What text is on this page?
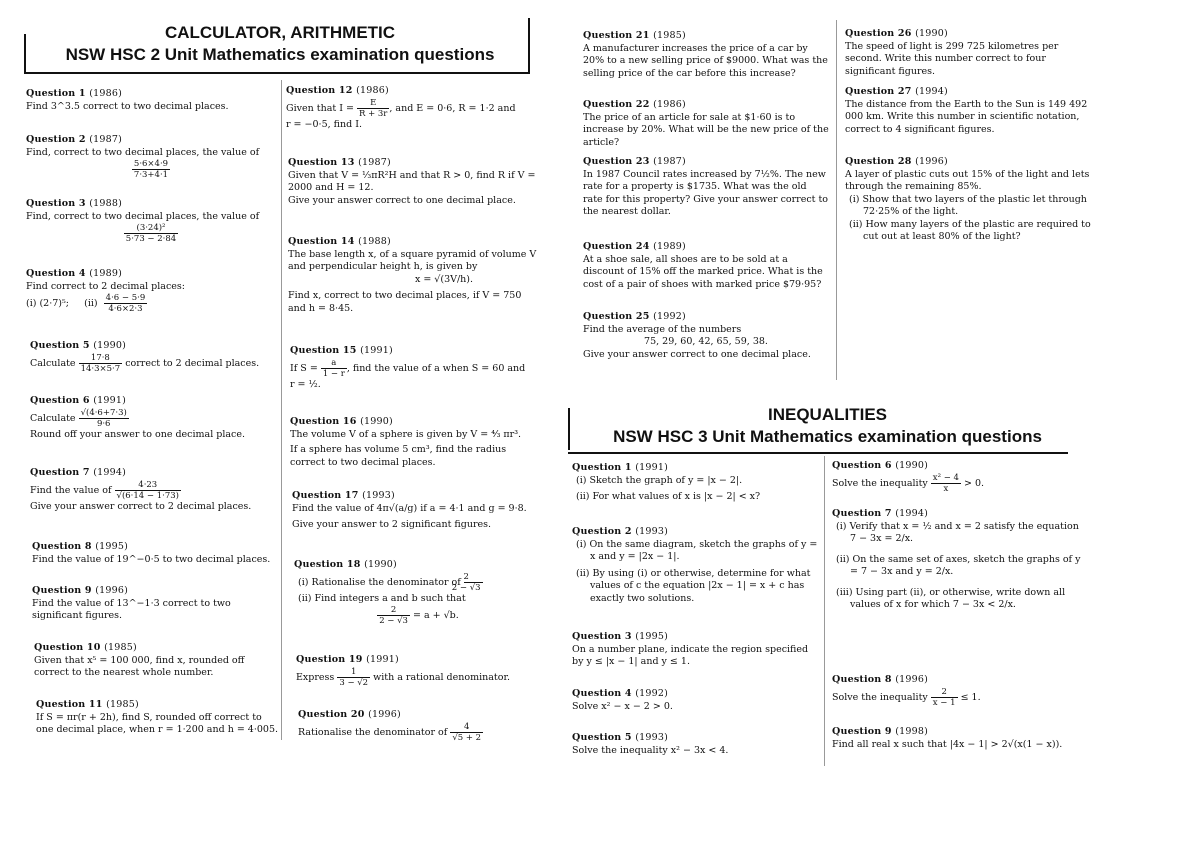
CALCULATOR, ARITHMETIC
NSW HSC 2 Unit Mathematics examination questions
INEQUALITIES
NSW HSC 3 Unit Mathematics examination questions
Question 1 (1986)
Find 3^3.5 correct to two decimal places.
Question 2 (1987)
Find, correct to two decimal places, the value of
$\frac{5\cdot 6\times 4\cdot 9}{7\cdot 3+4\cdot 1}$
Question 3 (1988)
Find, correct to two decimal places, the value of
$\frac{\text{(3·24)²}}{5\cdot 73 - 2\cdot 84}$
Question 4 (1989)
Find correct to 2 decimal places:
(i) (2·7)⁵; $(ii) \frac{4\cdot 6 - 5\cdot 9}{4\cdot 6\times 2\cdot 3}$
Question 5 (1990)
Calculate $\frac{17\cdot 8}{14\cdot 3\times 5\cdot 7}$ correct to 2 decimal places.
Question 6 (1991)
Calculate $\frac{√(4\cdot 6+7\cdot 3)}{9\cdot 6}$
Round off your answer to one decimal place.
Question 7 (1994)
Find the value of $\frac{4\cdot 23}{√(6\cdot 14 - 1\cdot 73)}$
Give your answer correct to 2 decimal places.
Question 8 (1995)
Find the value of 19^−0·5 to two decimal places.
Question 9 (1996)
Find the value of 13^−1·3 correct to two significant figures.
Question 10 (1985)
Given that x⁵ = 100 000, find x, rounded off correct to the nearest whole number.
Question 11 (1985)
If S = πr(r + 2h), find S, rounded off correct to one decimal place, when r = 1·200 and h = 4·005.
Question 12 (1986)
Given that $I = \frac{E}{R + 3r}$ , and E = 0·6, R = 1·2 and
r = −0·5, find I.
Question 13 (1987)
Given that V = ⅓πR²H and that R > 0, find R if V = 2000 and H = 12.
Give your answer correct to one decimal place.
Question 14 (1988)
The base length x, of a square pyramid of volume V and perpendicular height h, is given by
x = √(3V/h).
Find x, correct to two decimal places, if V = 750 and h = 8·45.
Question 15 (1991)
If $S = \frac{a}{1 - r}$ , find the value of a when S = 60 and
r = ½.
Question 16 (1990)
The volume V of a sphere is given by V = ⁴⁄₃ πr³.
If a sphere has volume 5 cm³, find the radius correct to two decimal places.
Question 17 (1993)
Find the value of 4π√(a/g) if a = 4·1 and g = 9·8.
Give your answer to 2 significant figures.
Question 18 (1990)
(i) Rationalise the denominator of $\frac{2}{2 - √3}$
(ii) Find integers a and b such that
$\frac{2}{2 - √3} = a + √b$.
Question 19 (1991)
Express $\frac{1}{3 - √2}$ with a rational denominator.
Question 20 (1996)
Rationalise the denominator of $\frac{4}{√5 + 2}$
Question 21 (1985)
A manufacturer increases the price of a car by 20% to a new selling price of $9000. What was the selling price of the car before this increase?
Question 22 (1986)
The price of an article for sale at $1·60 is to increase by 20%. What will be the new price of the article?
Question 23 (1987)
In 1987 Council rates increased by 7½%. The new rate for a property is $1735. What was the old rate for this property? Give your answer correct to the nearest dollar.
Question 24 (1989)
At a shoe sale, all shoes are to be sold at a discount of 15% off the marked price. What is the cost of a pair of shoes with marked price $79·95?
Question 25 (1992)
Find the average of the numbers
75, 29, 60, 42, 65, 59, 38.
Give your answer correct to one decimal place.
Question 26 (1990)
The speed of light is 299 725 kilometres per second. Write this number correct to four significant figures.
Question 27 (1994)
The distance from the Earth to the Sun is 149 492 000 km. Write this number in scientific notation, correct to 4 significant figures.
Question 28 (1996)
A layer of plastic cuts out 15% of the light and lets through the remaining 85%.
(i) Show that two layers of the plastic let through 72·25% of the light.
(ii) How many layers of the plastic are required to cut out at least 80% of the light?
Question 1 (1991)
(i) Sketch the graph of y = |x − 2|.
(ii) For what values of x is |x − 2| < x?
Question 2 (1993)
(i) On the same diagram, sketch the graphs of y = x and y = |2x − 1|.
(ii) By using (i) or otherwise, determine for what values of c the equation |2x − 1| = x + c has exactly two solutions.
Question 3 (1995)
On a number plane, indicate the region specified by y ≤ |x − 1| and y ≤ 1.
Question 4 (1992)
Solve x² − x − 2 > 0.
Question 5 (1993)
Solve the inequality x² − 3x < 4.
Question 6 (1990)
Solve the inequality $\frac{\text{x² − 4}}{x} > 0$.
Question 7 (1994)
(i) Verify that x = ½ and x = 2 satisfy the equation 7 − 3x = 2/x.
(ii) On the same set of axes, sketch the graphs of y = 7 − 3x and y = 2/x.
(iii) Using part (ii), or otherwise, write down all values of x for which 7 − 3x < 2/x.
Question 8 (1996)
Solve the inequality $\frac{2}{x - 1} \le 1$.
Question 9 (1998)
Find all real x such that |4x − 1| > 2√(x(1 − x)).
